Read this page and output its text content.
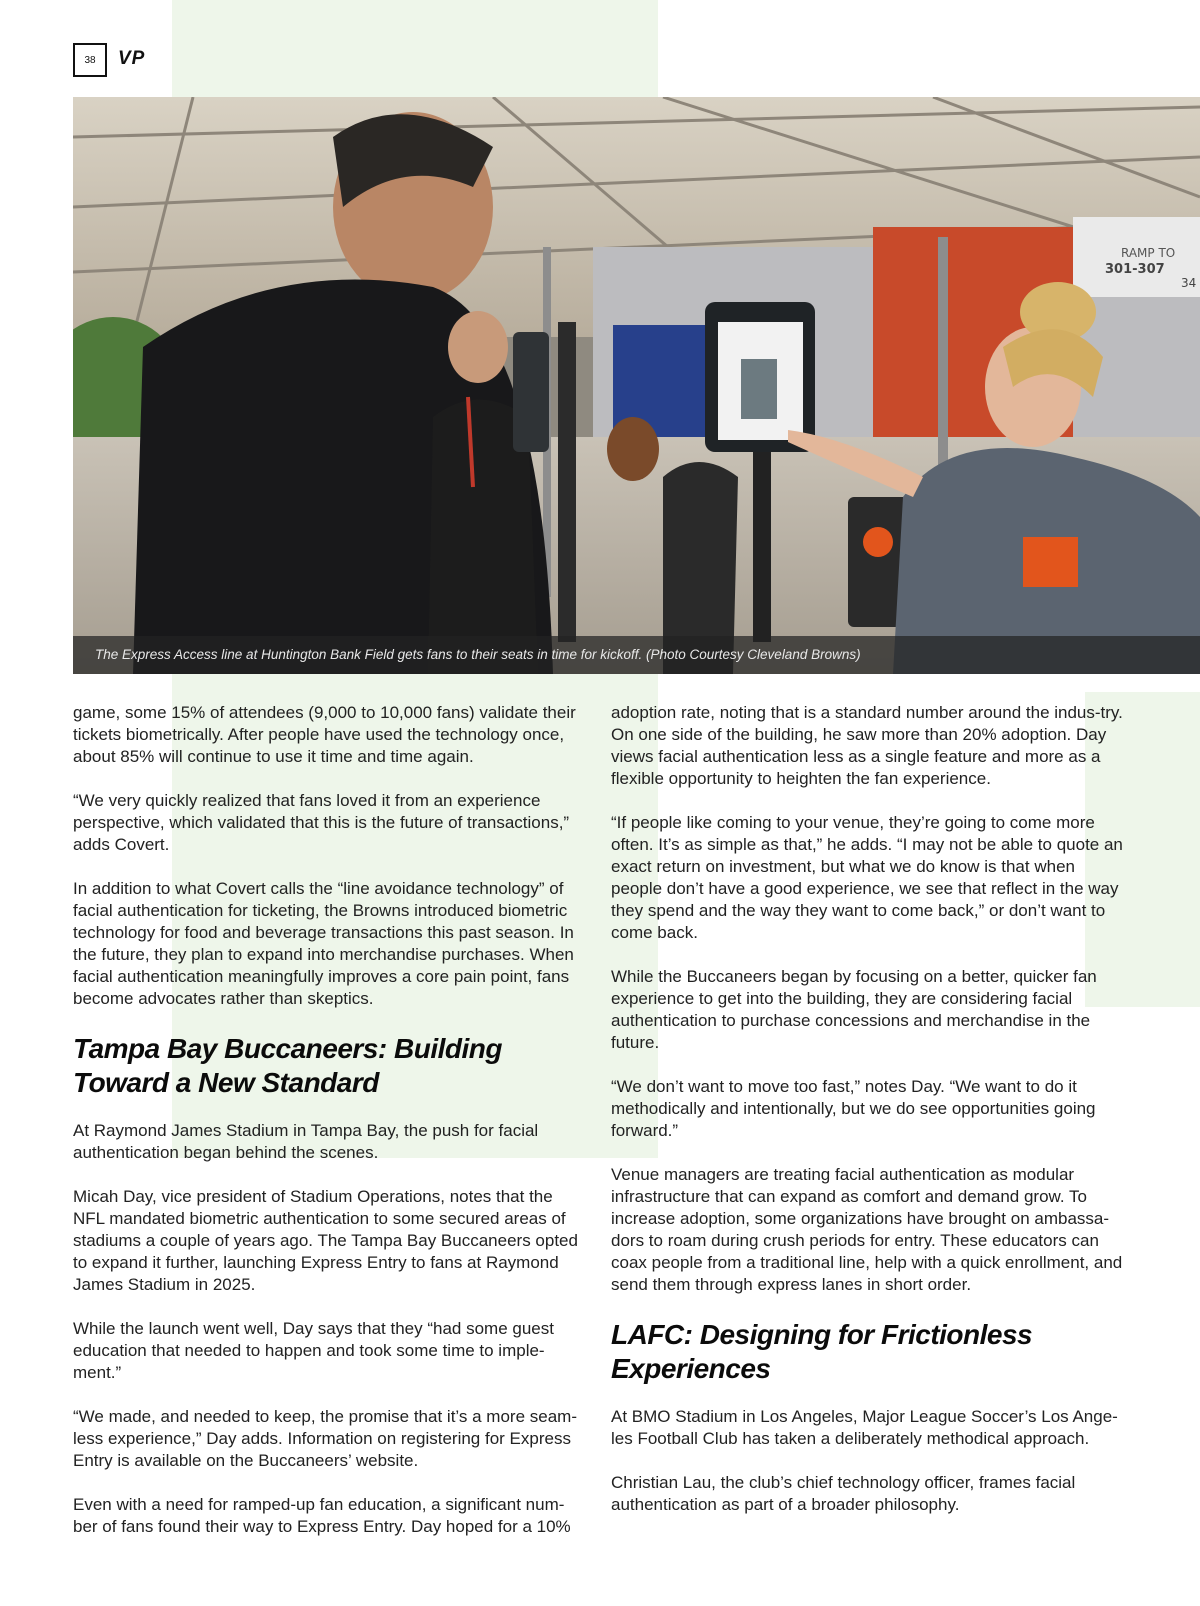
38	VP
RAMP TO
301-307
34
The Express Access line at Huntington Bank Field gets fans to their seats in time for kickoff. (Photo Courtesy Cleveland Browns)

game, some 15% of attendees (9,000 to 10,000 fans) validate their tickets biometrically. After people have used the technology once, about 85% will continue to use it time and time again.

“We very quickly realized that fans loved it from an experience perspective, which validated that this is the future of transactions,” adds Covert.

In addition to what Covert calls the “line avoidance technology” of facial authentication for ticketing, the Browns introduced biometric technology for food and beverage transactions this past season. In the future, they plan to expand into merchandise purchases. When facial authentication meaningfully improves a core pain point, fans become advocates rather than skeptics.

Tampa Bay Buccaneers: Building Toward a New Standard

At Raymond James Stadium in Tampa Bay, the push for facial authentication began behind the scenes.

Micah Day, vice president of Stadium Operations, notes that the NFL mandated biometric authentication to some secured areas of stadiums a couple of years ago. The Tampa Bay Buccaneers opted to expand it further, launching Express Entry to fans at Raymond James Stadium in 2025.

While the launch went well, Day says that they “had some guest education that needed to happen and took some time to imple-ment.”

“We made, and needed to keep, the promise that it’s a more seam-less experience,” Day adds. Information on registering for Express Entry is available on the Buccaneers’ website.

Even with a need for ramped-up fan education, a significant num-ber of fans found their way to Express Entry. Day hoped for a 10%

adoption rate, noting that is a standard number around the indus-try. On one side of the building, he saw more than 20% adoption. Day views facial authentication less as a single feature and more as a flexible opportunity to heighten the fan experience.

“If people like coming to your venue, they’re going to come more often. It’s as simple as that,” he adds. “I may not be able to quote an exact return on investment, but what we do know is that when people don’t have a good experience, we see that reflect in the way they spend and the way they want to come back,” or don’t want to come back.

While the Buccaneers began by focusing on a better, quicker fan experience to get into the building, they are considering facial authentication to purchase concessions and merchandise in the future.

“We don’t want to move too fast,” notes Day. “We want to do it methodically and intentionally, but we do see opportunities going forward.”

Venue managers are treating facial authentication as modular infrastructure that can expand as comfort and demand grow. To increase adoption, some organizations have brought on ambassa-dors to roam during crush periods for entry. These educators can coax people from a traditional line, help with a quick enrollment, and send them through express lanes in short order.

LAFC: Designing for Frictionless Experiences

At BMO Stadium in Los Angeles, Major League Soccer’s Los Ange-les Football Club has taken a deliberately methodical approach.

Christian Lau, the club’s chief technology officer, frames facial authentication as part of a broader philosophy.
